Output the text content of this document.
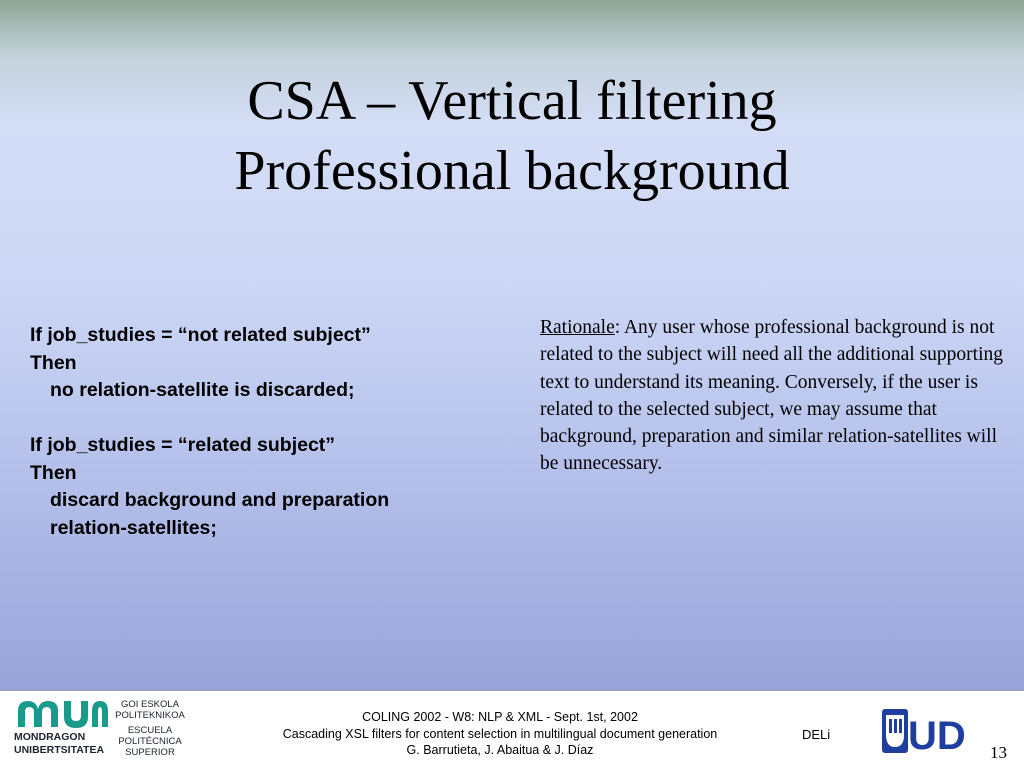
CSA – Vertical filtering
Professional background
If job_studies = “not related subject”
Then
no relation-satellite is discarded;
If job_studies = “related subject”
Then
discard background and preparation
relation-satellites;
Rationale: Any user whose professional background is not related to the subject will need all the additional supporting text to understand its meaning. Conversely, if the user is related to the selected subject, we may assume that background, preparation and similar relation-satellites will be unnecessary.
MONDRAGON
UNIBERTSITATEA
GOI ESKOLA
POLITEKNIKOA
ESCUELA
POLITÉCNICA
SUPERIOR
COLING 2002 - W8: NLP & XML - Sept. 1st, 2002
Cascading XSL filters for content selection in multilingual document generation
G. Barrutieta, J. Abaitua & J. Díaz
DELi UD 13
